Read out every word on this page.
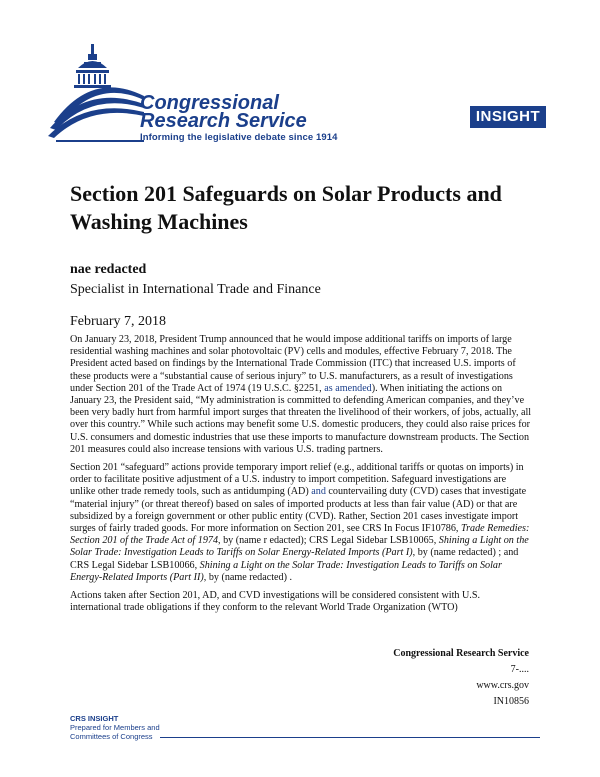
Congressional
Research Service
Informing the legislative debate since 1914
INSIGHT
Section 201 Safeguards on Solar Products and Washing Machines
nae redacted
Specialist in International Trade and Finance
February 7, 2018

On January 23, 2018, President Trump announced that he would impose additional tariffs on imports of large residential washing machines and solar photovoltaic (PV) cells and modules, effective February 7, 2018. The President acted based on findings by the International Trade Commission (ITC) that increased U.S. imports of these products were a “substantial cause of serious injury” to U.S. manufacturers, as a result of investigations under Section 201 of the Trade Act of 1974 (19 U.S.C. §2251, as amended). When initiating the actions on January 23, the President said, “My administration is committed to defending American companies, and they’ve been very badly hurt from harmful import surges that threaten the livelihood of their workers, of jobs, actually, all over this country.” While such actions may benefit some U.S. domestic producers, they could also raise prices for U.S. consumers and domestic industries that use these imports to manufacture downstream products. The Section 201 measures could also increase tensions with various U.S. trading partners.

Section 201 “safeguard” actions provide temporary import relief (e.g., additional tariffs or quotas on imports) in order to facilitate positive adjustment of a U.S. industry to import competition. Safeguard investigations are unlike other trade remedy tools, such as antidumping (AD) and countervailing duty (CVD) cases that investigate “material injury” (or threat thereof) based on sales of imported products at less than fair value (AD) or that are subsidized by a foreign government or other public entity (CVD). Rather, Section 201 cases investigate import surges of fairly traded goods. For more information on Section 201, see CRS In Focus IF10786, Trade Remedies: Section 201 of the Trade Act of 1974, by (name r edacted); CRS Legal Sidebar LSB10065, Shining a Light on the Solar Trade: Investigation Leads to Tariffs on Solar Energy-Related Imports (Part I), by (name redacted) ; and CRS Legal Sidebar LSB10066, Shining a Light on the Solar Trade: Investigation Leads to Tariffs on Solar Energy-Related Imports (Part II), by (name redacted) .

Actions taken after Section 201, AD, and CVD investigations will be considered consistent with U.S. international trade obligations if they conform to the relevant World Trade Organization (WTO)

Congressional Research Service
7-....
www.crs.gov
IN10856
CRS INSIGHT
Prepared for Members and
Committees of Congress
